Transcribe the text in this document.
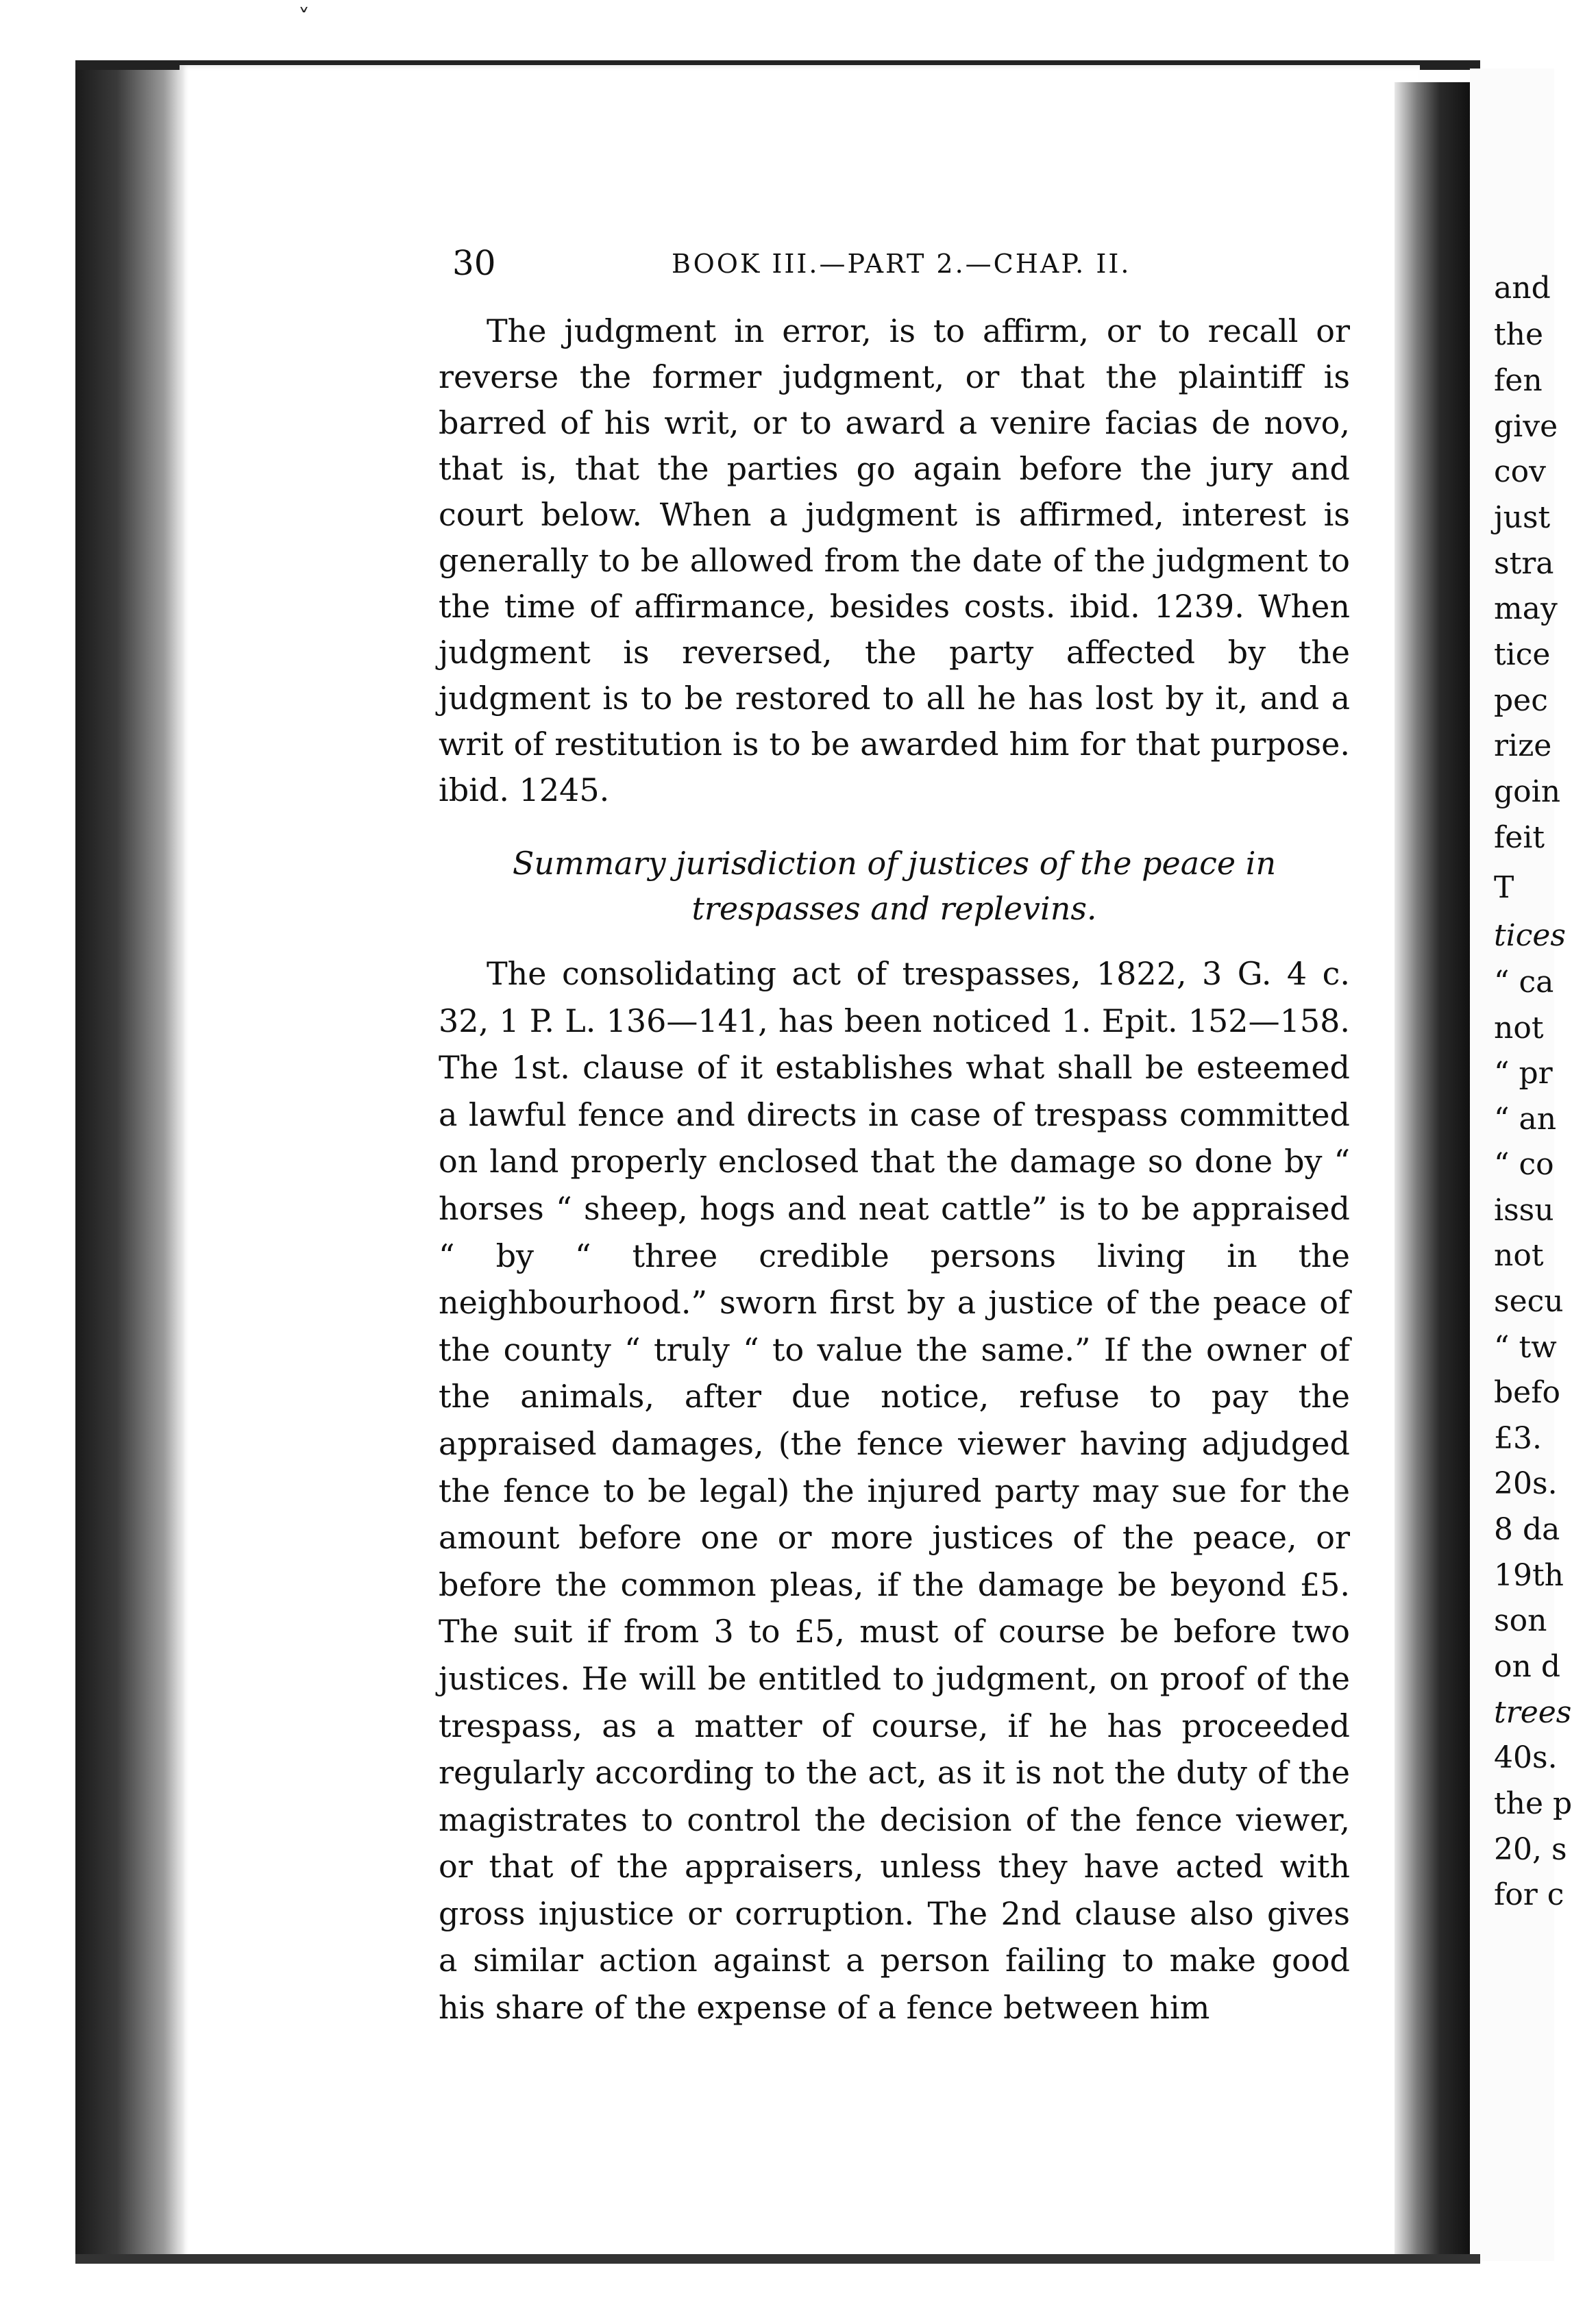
and
the
fen
give
cov
just
stra
may
tice
pec
rize
goin
feit
T
tices
“ ca
not
“ pr
“ an
“ co
issu
not
secu
“ tw
befo
£3.
20s.
8 da
19th
son
on d
trees
40s.
the p
20, s
for c
˅
30	BOOK III.—PART 2.—CHAP. II.

The judgment in error, is to affirm, or to recall or reverse the former judgment, or that the plaintiff is barred of his writ, or to award a venire facias de novo, that is, that the parties go again before the jury and court below. When a judgment is affirmed, interest is generally to be allowed from the date of the judgment to the time of affirmance, besides costs. ibid. 1239. When judgment is reversed, the party affected by the judgment is to be restored to all he has lost by it, and a writ of restitution is to be awarded him for that purpose. ibid. 1245.

Summary jurisdiction of justices of the peace in trespasses and replevins.

The consolidating act of trespasses, 1822, 3 G. 4 c. 32, 1 P. L. 136—141, has been noticed 1. Epit. 152—158. The 1st. clause of it establishes what shall be esteemed a lawful fence and directs in case of trespass committed on land properly enclosed that the damage so done by “ horses “ sheep, hogs and neat cattle” is to be appraised “ by “ three credible persons living in the neighbourhood.” sworn first by a justice of the peace of the county “ truly “ to value the same.” If the owner of the animals, after due notice, refuse to pay the appraised damages, (the fence viewer having adjudged the fence to be legal) the injured party may sue for the amount before one or more justices of the peace, or before the common pleas, if the damage be beyond £5. The suit if from 3 to £5, must of course be before two justices. He will be entitled to judgment, on proof of the trespass, as a matter of course, if he has proceeded regularly according to the act, as it is not the duty of the magistrates to control the decision of the fence viewer, or that of the appraisers, unless they have acted with gross injustice or corruption. The 2nd clause also gives a similar action against a person failing to make good his share of the expense of a fence between him
